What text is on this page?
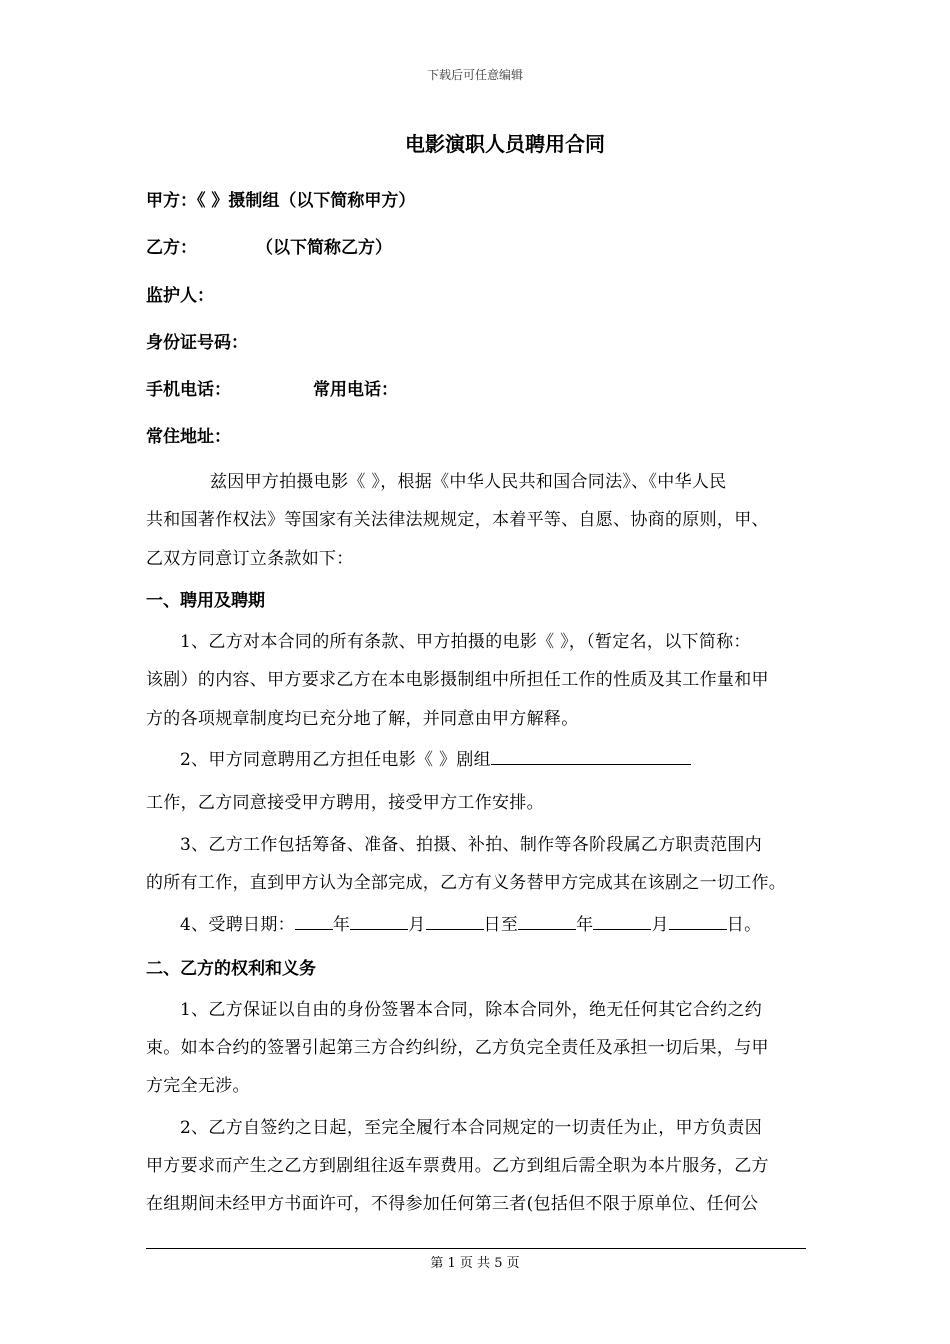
下载后可任意编辑
电影演职人员聘用合同
甲方：《 》摄制组（以下简称甲方）
乙方：	（以下简称乙方）
监护人：
身份证号码：
手机电话：	常用电话：
常住地址：
兹因甲方拍摄电影《 》，根据《中华人民共和国合同法》、《中华人民
共和国著作权法》等国家有关法律法规规定，本着平等、自愿、协商的原则，甲、
乙双方同意订立条款如下：
一、聘用及聘期
1、乙方对本合同的所有条款、甲方拍摄的电影《 》，（暂定名，以下简称：
该剧）的内容、甲方要求乙方在本电影摄制组中所担任工作的性质及其工作量和甲
方的各项规章制度均已充分地了解，并同意由甲方解释。
2、甲方同意聘用乙方担任电影《 》剧组
工作，乙方同意接受甲方聘用，接受甲方工作安排。
3、乙方工作包括筹备、准备、拍摄、补拍、制作等各阶段属乙方职责范围内
的所有工作，直到甲方认为全部完成，乙方有义务替甲方完成其在该剧之一切工作。
4、受聘日期： 年	月	日至	年	月	日。
二、乙方的权利和义务
1、乙方保证以自由的身份签署本合同，除本合同外，绝无任何其它合约之约
束。如本合约的签署引起第三方合约纠纷，乙方负完全责任及承担一切后果，与甲
方完全无涉。
2、乙方自签约之日起，至完全履行本合同规定的一切责任为止，甲方负责因
甲方要求而产生之乙方到剧组往返车票费用。乙方到组后需全职为本片服务，乙方
在组期间未经甲方书面许可，不得参加任何第三者(包括但不限于原单位、任何公
第 1 页 共 5 页
